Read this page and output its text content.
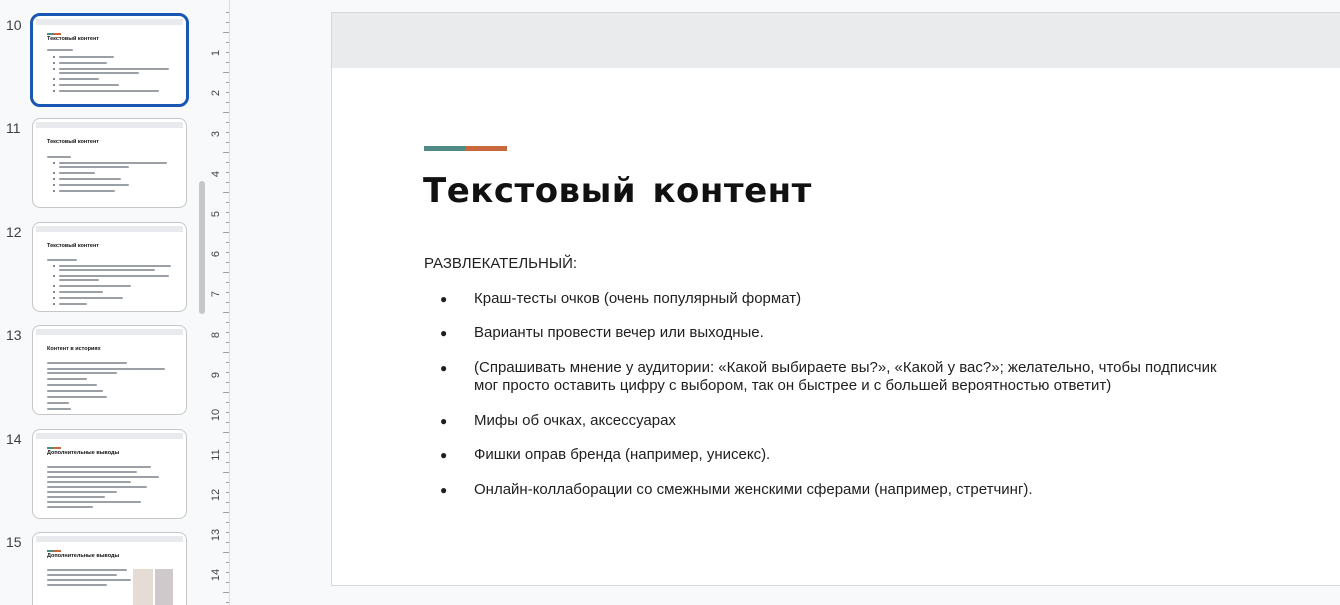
10
Текстовый контент
11
Текстовый контент
12
Текстовый контент
13
Контент в историях
14
Дополнительные выводы
15
Дополнительные выводы
1
2
3
4
5
6
7
8
9
10
11
12
13
14
Текстовый контент
РАЗВЛЕКАТЕЛЬНЫЙ:
● Краш-тесты очков (очень популярный формат)
● Варианты провести вечер или выходные.
● (Спрашивать мнение у аудитории: «Какой выбираете вы?», «Какой у вас?»; желательно, чтобы подписчик мог просто оставить цифру с выбором, так он быстрее и с большей вероятностью ответит)
● Мифы об очках, аксессуарах
● Фишки оправ бренда (например, унисекс).
● Онлайн-коллаборации со смежными женскими сферами (например, стретчинг).
